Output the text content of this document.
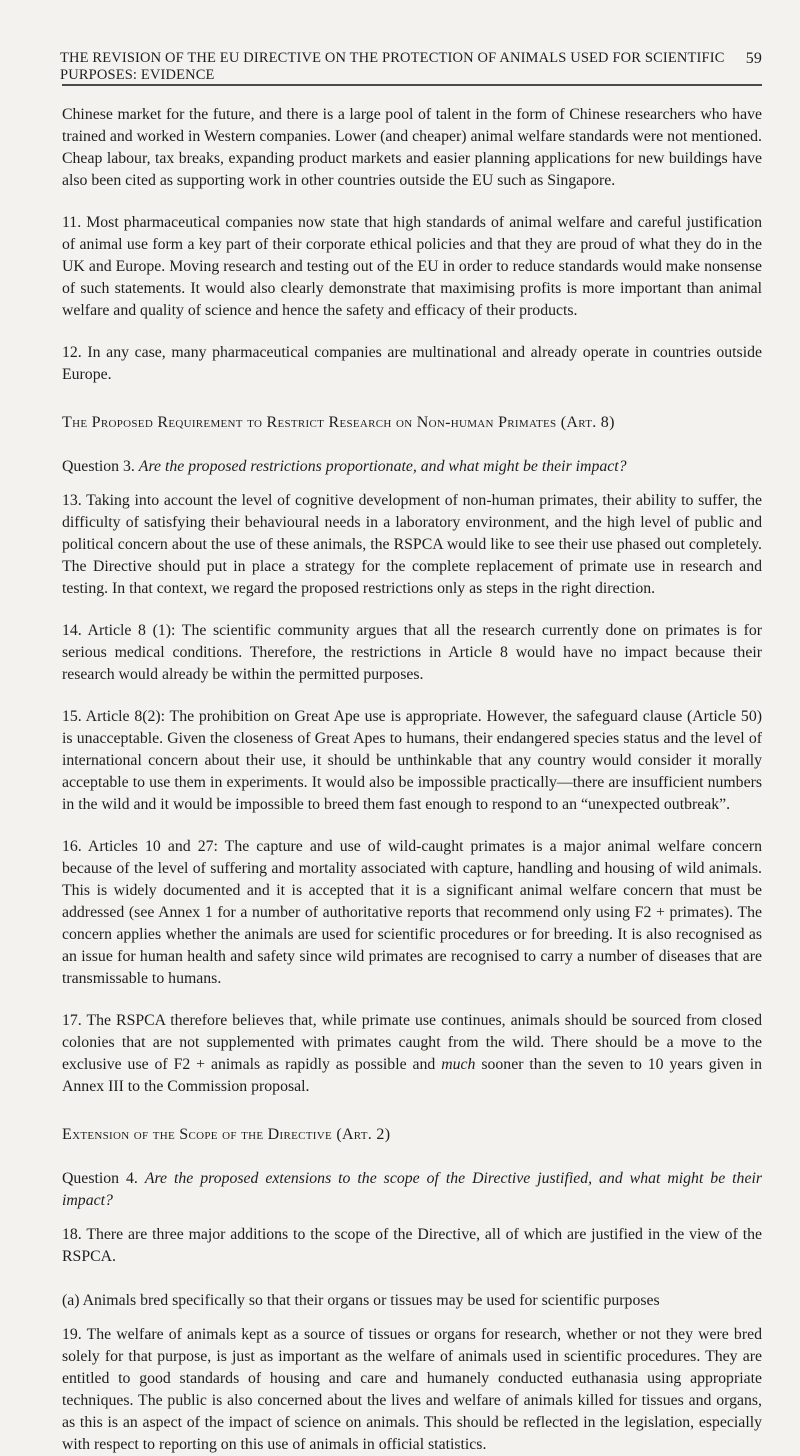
THE REVISION OF THE EU DIRECTIVE ON THE PROTECTION OF ANIMALS USED FOR SCIENTIFIC PURPOSES: EVIDENCE
59

Chinese market for the future, and there is a large pool of talent in the form of Chinese researchers who have trained and worked in Western companies. Lower (and cheaper) animal welfare standards were not mentioned. Cheap labour, tax breaks, expanding product markets and easier planning applications for new buildings have also been cited as supporting work in other countries outside the EU such as Singapore.

11. Most pharmaceutical companies now state that high standards of animal welfare and careful justification of animal use form a key part of their corporate ethical policies and that they are proud of what they do in the UK and Europe. Moving research and testing out of the EU in order to reduce standards would make nonsense of such statements. It would also clearly demonstrate that maximising profits is more important than animal welfare and quality of science and hence the safety and efficacy of their products.

12. In any case, many pharmaceutical companies are multinational and already operate in countries outside Europe.

The Proposed Requirement to Restrict Research on Non-human Primates (Art. 8)

Question 3. Are the proposed restrictions proportionate, and what might be their impact?

13. Taking into account the level of cognitive development of non-human primates, their ability to suffer, the difficulty of satisfying their behavioural needs in a laboratory environment, and the high level of public and political concern about the use of these animals, the RSPCA would like to see their use phased out completely. The Directive should put in place a strategy for the complete replacement of primate use in research and testing. In that context, we regard the proposed restrictions only as steps in the right direction.

14. Article 8 (1): The scientific community argues that all the research currently done on primates is for serious medical conditions. Therefore, the restrictions in Article 8 would have no impact because their research would already be within the permitted purposes.

15. Article 8(2): The prohibition on Great Ape use is appropriate. However, the safeguard clause (Article 50) is unacceptable. Given the closeness of Great Apes to humans, their endangered species status and the level of international concern about their use, it should be unthinkable that any country would consider it morally acceptable to use them in experiments. It would also be impossible practically—there are insufficient numbers in the wild and it would be impossible to breed them fast enough to respond to an “unexpected outbreak”.

16. Articles 10 and 27: The capture and use of wild-caught primates is a major animal welfare concern because of the level of suffering and mortality associated with capture, handling and housing of wild animals. This is widely documented and it is accepted that it is a significant animal welfare concern that must be addressed (see Annex 1 for a number of authoritative reports that recommend only using F2 + primates). The concern applies whether the animals are used for scientific procedures or for breeding. It is also recognised as an issue for human health and safety since wild primates are recognised to carry a number of diseases that are transmissable to humans.

17. The RSPCA therefore believes that, while primate use continues, animals should be sourced from closed colonies that are not supplemented with primates caught from the wild. There should be a move to the exclusive use of F2 + animals as rapidly as possible and much sooner than the seven to 10 years given in Annex III to the Commission proposal.

Extension of the Scope of the Directive (Art. 2)

Question 4. Are the proposed extensions to the scope of the Directive justified, and what might be their impact?

18. There are three major additions to the scope of the Directive, all of which are justified in the view of the RSPCA.

(a) Animals bred specifically so that their organs or tissues may be used for scientific purposes

19. The welfare of animals kept as a source of tissues or organs for research, whether or not they were bred solely for that purpose, is just as important as the welfare of animals used in scientific procedures. They are entitled to good standards of housing and care and humanely conducted euthanasia using appropriate techniques. The public is also concerned about the lives and welfare of animals killed for tissues and organs, as this is an aspect of the impact of science on animals. This should be reflected in the legislation, especially with respect to reporting on this use of animals in official statistics.
